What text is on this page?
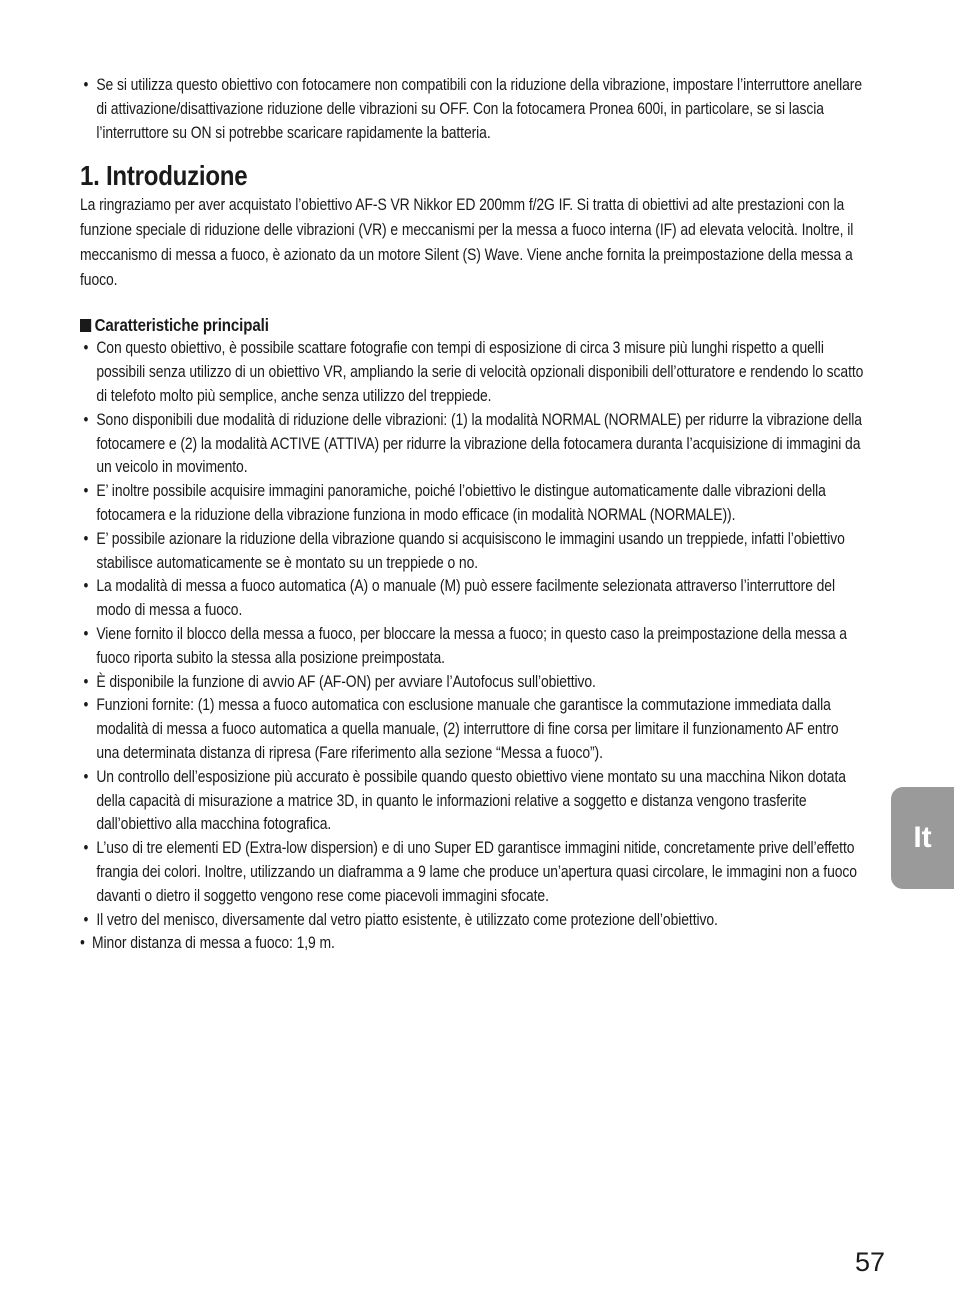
• Se si utilizza questo obiettivo con fotocamere non compatibili con la riduzione della vibrazione, impostare l’interruttore anellare di attivazione/disattivazione riduzione delle vibrazioni su OFF. Con la fotocamera Pronea 600i, in particolare, se si lascia l’interruttore su ON si potrebbe scaricare rapidamente la batteria.
1. Introduzione

La ringraziamo per aver acquistato l’obiettivo AF-S VR Nikkor ED 200mm f/2G IF. Si tratta di obiettivi ad alte prestazioni con la funzione speciale di riduzione delle vibrazioni (VR) e meccanismi per la messa a fuoco interna (IF) ad elevata velocità. Inoltre, il meccanismo di messa a fuoco, è azionato da un motore Silent (S) Wave. Viene anche fornita la preimpostazione della messa a fuoco.

Caratteristiche principali
• Con questo obiettivo, è possibile scattare fotografie con tempi di esposizione di circa 3 misure più lunghi rispetto a quelli possibili senza utilizzo di un obiettivo VR, ampliando la serie di velocità opzionali disponibili dell’otturatore e rendendo lo scatto di telefoto molto più semplice, anche senza utilizzo del treppiede.
• Sono disponibili due modalità di riduzione delle vibrazioni: (1) la modalità NORMAL (NORMALE) per ridurre la vibrazione della fotocamere e (2) la modalità ACTIVE (ATTIVA) per ridurre la vibrazione della fotocamera duranta l’acquisizione di immagini da un veicolo in movimento.
• E’ inoltre possibile acquisire immagini panoramiche, poiché l’obiettivo le distingue automaticamente dalle vibrazioni della fotocamera e la riduzione della vibrazione funziona in modo efficace (in modalità NORMAL (NORMALE)).
• E’ possibile azionare la riduzione della vibrazione quando si acquisiscono le immagini usando un treppiede, infatti l’obiettivo stabilisce automaticamente se è montato su un treppiede o no.
• La modalità di messa a fuoco automatica (A) o manuale (M) può essere facilmente selezionata attraverso l’interruttore del modo di messa a fuoco.
• Viene fornito il blocco della messa a fuoco, per bloccare la messa a fuoco; in questo caso la preimpostazione della messa a fuoco riporta subito la stessa alla posizione preimpostata.
• È disponibile la funzione di avvio AF (AF-ON) per avviare l’Autofocus sull’obiettivo.
• Funzioni fornite: (1) messa a fuoco automatica con esclusione manuale che garantisce la commutazione immediata dalla modalità di messa a fuoco automatica a quella manuale, (2) interruttore di fine corsa per limitare il funzionamento AF entro una determinata distanza di ripresa (Fare riferimento alla sezione “Messa a fuoco”).
• Un controllo dell’esposizione più accurato è possibile quando questo obiettivo viene montato su una macchina Nikon dotata della capacità di misurazione a matrice 3D, in quanto le informazioni relative a soggetto e distanza vengono trasferite dall’obiettivo alla macchina fotografica.
• L’uso di tre elementi ED (Extra-low dispersion) e di uno Super ED garantisce immagini nitide, concretamente prive dell’effetto frangia dei colori. Inoltre, utilizzando un diaframma a 9 lame che produce un’apertura quasi circolare, le immagini non a fuoco davanti o dietro il soggetto vengono rese come piacevoli immagini sfocate.
• Il vetro del menisco, diversamente dal vetro piatto esistente, è utilizzato come protezione dell’obiettivo.
• Minor distanza di messa a fuoco: 1,9 m.
It
57
